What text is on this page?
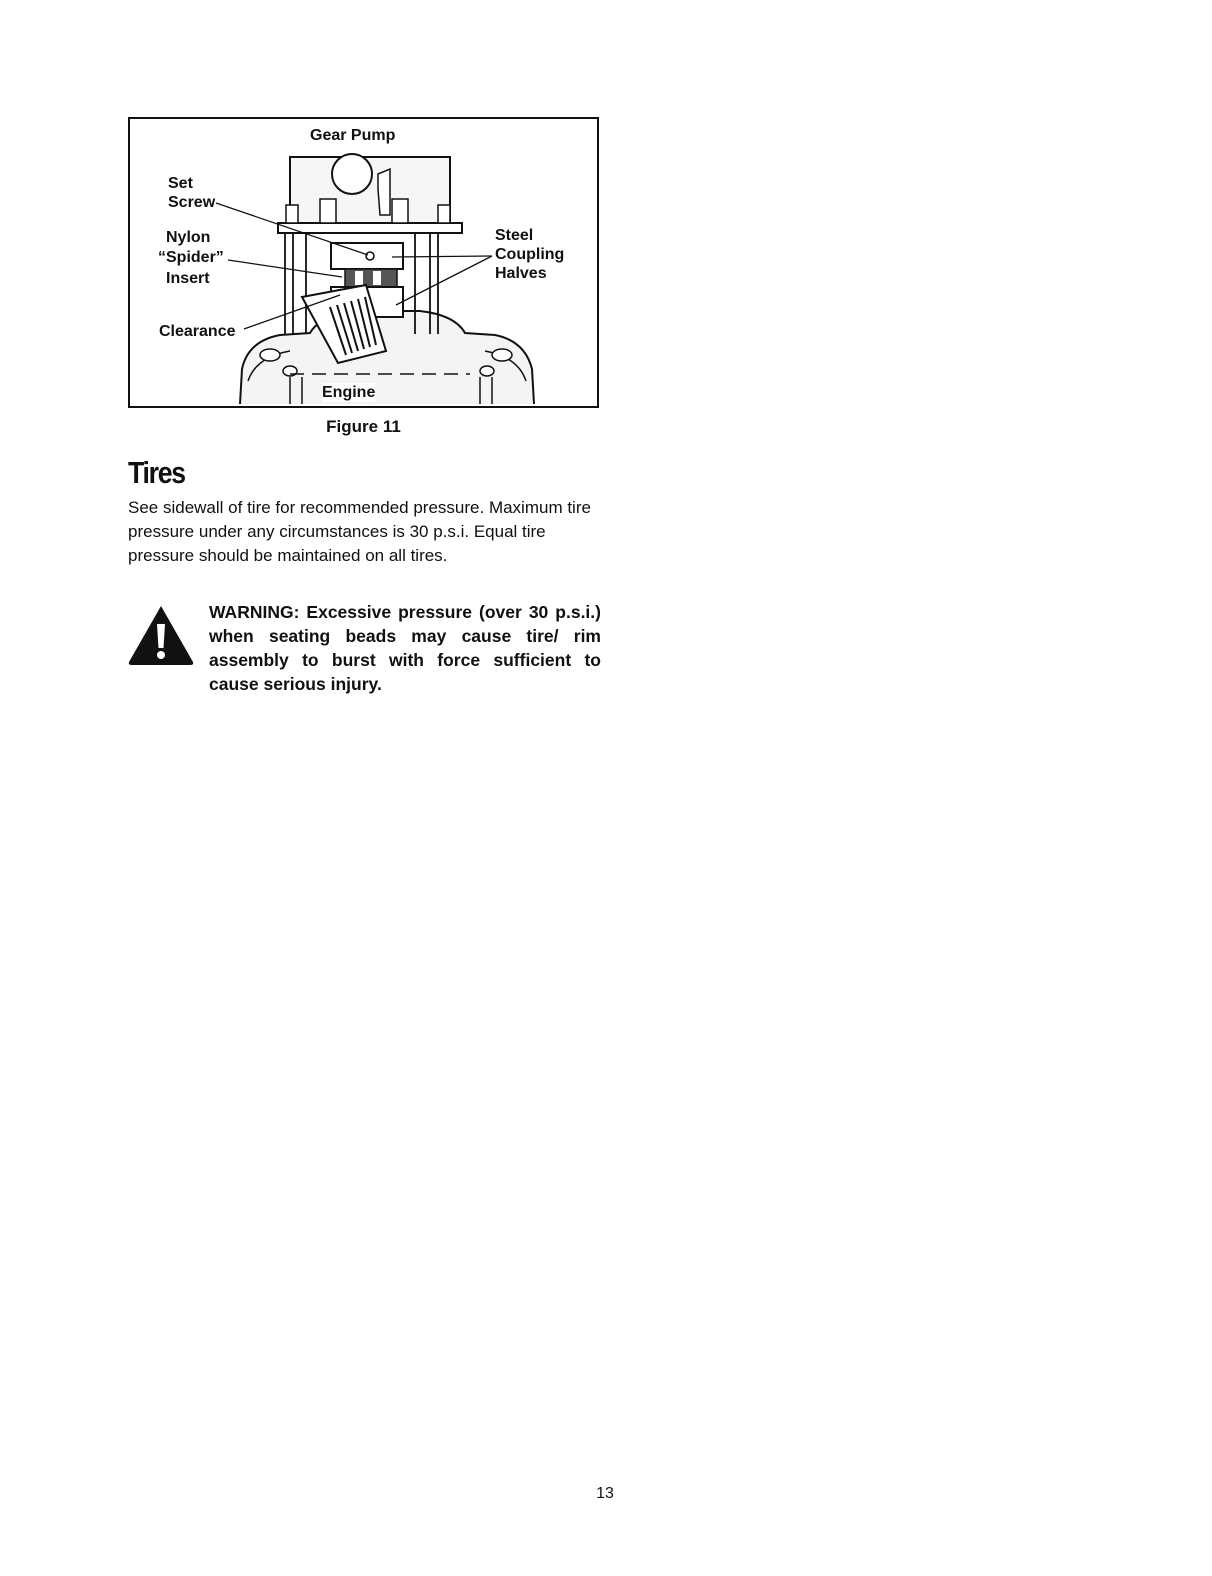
Gear Pump
Set
Screw
Nylon
“Spider”
Insert
Clearance
Steel
Coupling
Halves
Engine
Figure 11
Tires

See sidewall of tire for recommended pressure. Maximum tire pressure under any circumstances is 30 p.s.i. Equal tire pressure should be maintained on all tires.

WARNING: Excessive pressure (over 30 p.s.i.) when seating beads may cause tire/ rim assembly to burst with force sufficient to cause serious injury.

13
